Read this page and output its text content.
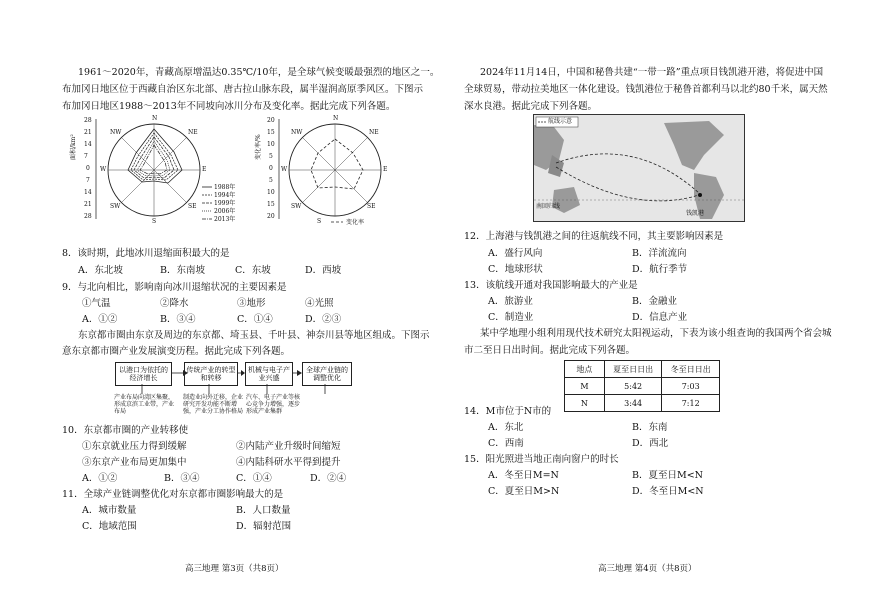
1961～2020年，青藏高原增温达0.35℃/10年，是全球气候变暖最强烈的地区之一。
布加冈日地区位于西藏自治区东北部、唐古拉山脉东段，属半湿润高原季风区。下图示
布加冈日地区1988～2013年不同坡向冰川分布及变化率。据此完成下列各题。
面积/km²
28
21
14
7
0
7
14
21
28
N
NE
E
SE
S
SW
W
NW
1988年
1994年
1999年
2006年
2013年
变化率/%
20
15
10
5
0
5
10
15
20
N
NE
E
SE
S
SW
W
NW
变化率
8．该时期，此地冰川退缩面积最大的是
A．东北坡	B．东南坡	C．东坡	D．西坡
9．与北向相比，影响南向冰川退缩状况的主要因素是
①气温	②降水	③地形	④光照
A．①②	B．③④	C．①④	D．②③
东京都市圈由东京及周边的东京都、埼玉县、千叶县、神奈川县等地区组成。下图示
意东京都市圈产业发展演变历程。据此完成下列各题。
以港口为依托的经济增长
传统产业的转型和转移
机械与电子产业兴盛
全球产业链的调整优化
产业布局向湾区集聚，形成京滨工业带，产业布局
制造业向外迁移，企业研究开发功能不断增强，产业分工协作格局
汽车、电子产业等核心竞争力增强，逐步形成产业集群
10．东京都市圈的产业转移使
①东京就业压力得到缓解	②内陆产业升级时间缩短
③东京产业布局更加集中	④内陆科研水平得到提升
A．①②	B．③④	C．①④	D．②④
11．全球产业链调整优化对东京都市圈影响最大的是
A．城市数量	B．人口数量
C．地域范围	D．辐射范围
高三地理 第3页（共8页）
2024年11月14日，中国和秘鲁共建“一带一路”重点项目钱凯港开港，将促进中国
全球贸易，带动拉美地区一体化建设。钱凯港位于秘鲁首都利马以北约80千米，属天然
深水良港。据此完成下列各题。
航线示意
钱凯港
南回归线
12．上海港与钱凯港之间的往返航线不同，其主要影响因素是
A．盛行风向	B．洋流流向
C．地球形状	D．航行季节
13．该航线开通对我国影响最大的产业是
A．旅游业	B．金融业
C．制造业	D．信息产业
某中学地理小组利用现代技术研究太阳视运动，下表为该小组查询的我国两个省会城
市二至日日出时间。据此完成下列各题。
地点	夏至日日出	冬至日日出
M	5:42	7:03
N	3:44	7:12
14．M市位于N市的
A．东北	B．东南
C．西南	D．西北
15．阳光照进当地正南向窗户的时长
A．冬至日M=N	B．夏至日M<N
C．夏至日M>N	D．冬至日M<N
高三地理 第4页（共8页）
